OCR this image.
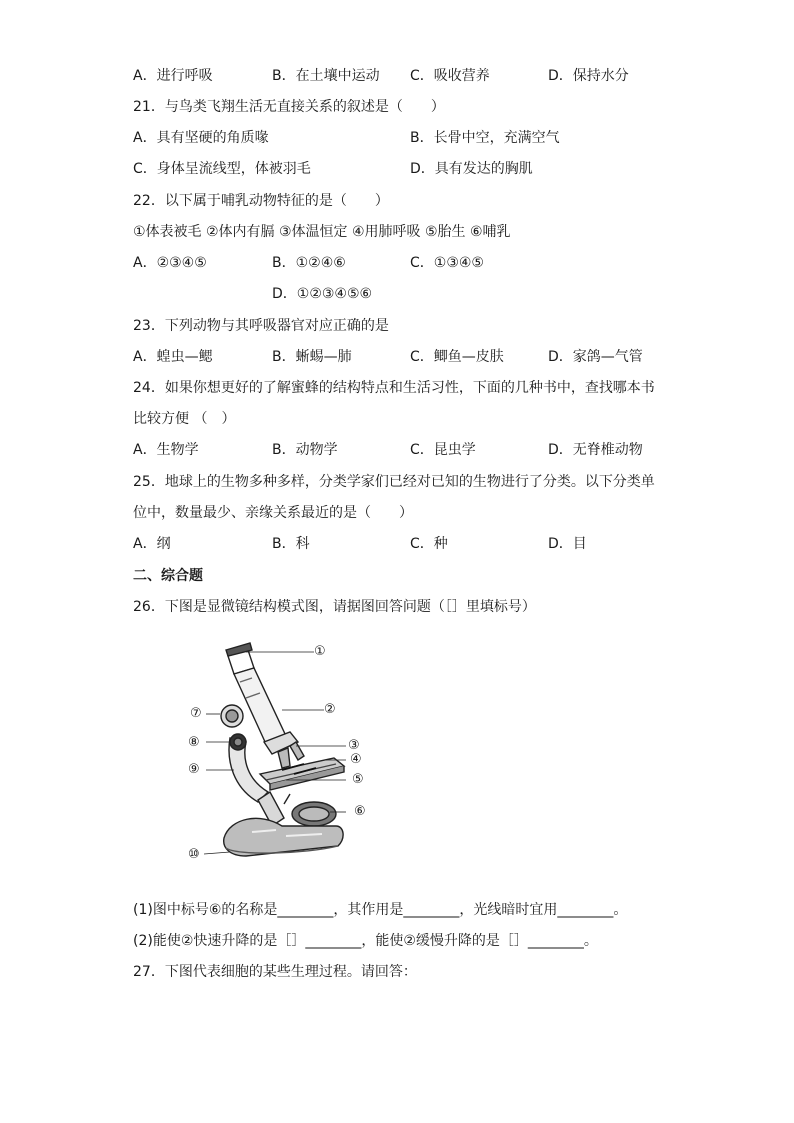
A．进行呼吸	B．在土壤中运动 C．吸收营养	D．保持水分
21．与鸟类飞翔生活无直接关系的叙述是（　　）
A．具有坚硬的角质喙	B．长骨中空，充满空气
C．身体呈流线型，体被羽毛	D．具有发达的胸肌
22．以下属于哺乳动物特征的是（　　）
①体表被毛 ②体内有膈 ③体温恒定 ④用肺呼吸 ⑤胎生 ⑥哺乳
A．②③④⑤	B．①②④⑥	C．①③④⑤
D．①②③④⑤⑥
23．下列动物与其呼吸器官对应正确的是
A．蝗虫—鳃	B．蜥蜴—肺	C．鲫鱼—皮肤	D．家鸽—气管
24．如果你想更好的了解蜜蜂的结构特点和生活习性，下面的几种书中，查找哪本书
比较方便 （　）
A．生物学	B．动物学	C．昆虫学	D．无脊椎动物
25．地球上的生物多种多样，分类学家们已经对已知的生物进行了分类。以下分类单
位中，数量最少、亲缘关系最近的是（　　）
A．纲	B．科	C．种	D．目
二、综合题
26．下图是显微镜结构模式图，请据图回答问题（［］里填标号）
①
②
③
④
⑤
⑥
⑦
⑧
⑨
⑩
(1)图中标号⑥的名称是________，其作用是________，光线暗时宜用________。
(2)能使②快速升降的是［］________，能使②缓慢升降的是［］________。
27．下图代表细胞的某些生理过程。请回答：
